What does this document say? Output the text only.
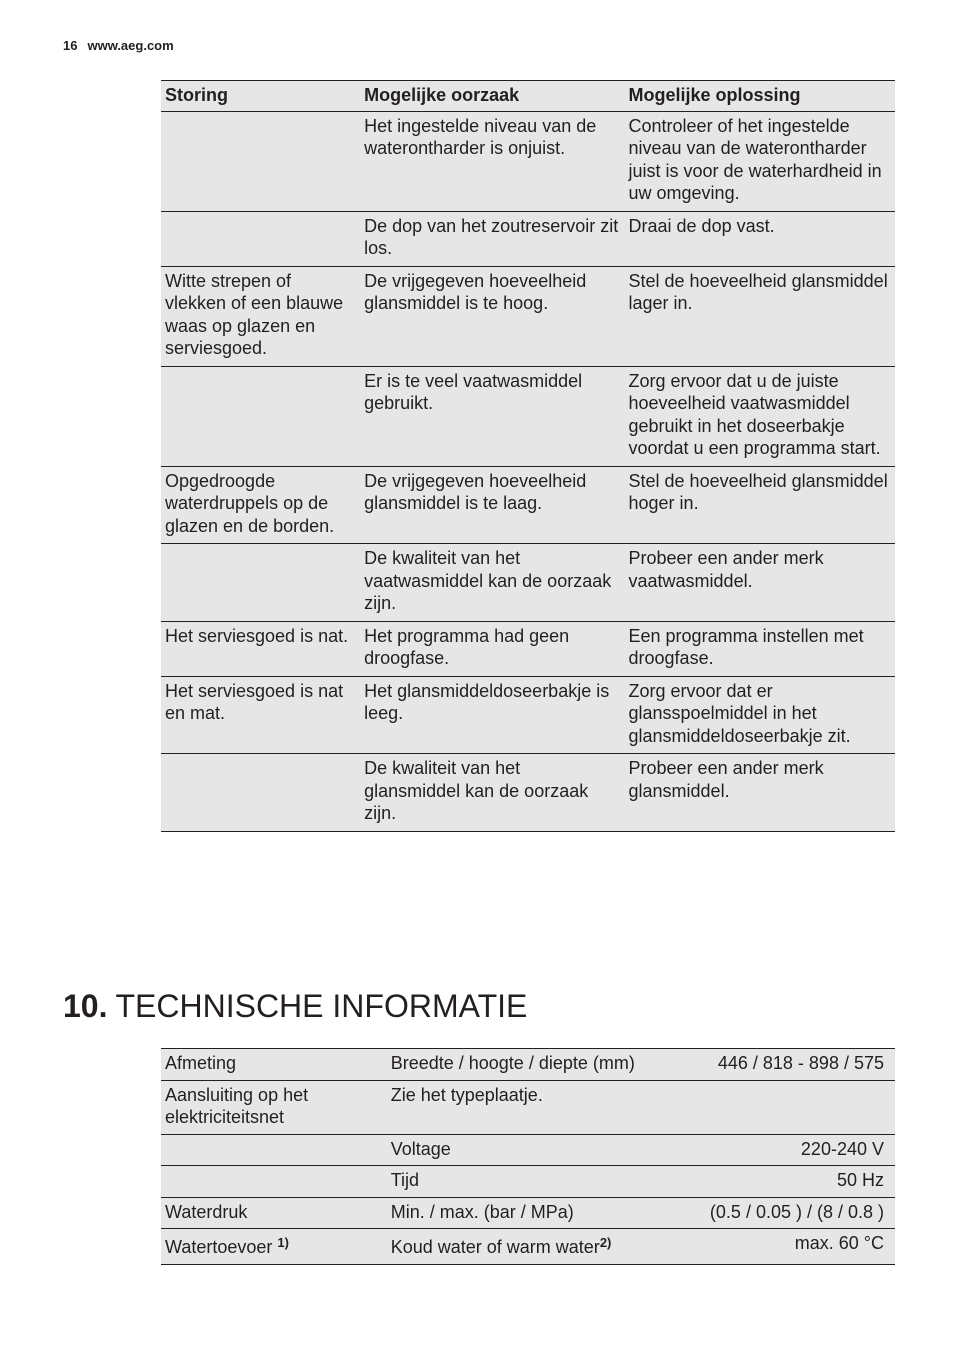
16 www.aeg.com
Storing	Mogelijke oorzaak	Mogelijke oplossing
	Het ingestelde niveau van de waterontharder is onjuist.	Controleer of het ingestelde niveau van de waterontharder juist is voor de waterhardheid in uw omgeving.
	De dop van het zoutreservoir zit los.	Draai de dop vast.
Witte strepen of vlekken of een blauwe waas op glazen en serviesgoed.	De vrijgegeven hoeveelheid glansmiddel is te hoog.	Stel de hoeveelheid glansmiddel lager in.
	Er is te veel vaatwasmiddel gebruikt.	Zorg ervoor dat u de juiste hoeveelheid vaatwasmiddel gebruikt in het doseerbakje voordat u een programma start.
Opgedroogde waterdruppels op de glazen en de borden.	De vrijgegeven hoeveelheid glansmiddel is te laag.	Stel de hoeveelheid glansmiddel hoger in.
	De kwaliteit van het vaatwasmiddel kan de oorzaak zijn.	Probeer een ander merk vaatwasmiddel.
Het serviesgoed is nat.	Het programma had geen droogfase.	Een programma instellen met droogfase.
Het serviesgoed is nat en mat.	Het glansmiddeldoseerbakje is leeg.	Zorg ervoor dat er glansspoelmiddel in het glansmiddeldoseerbakje zit.
	De kwaliteit van het glansmiddel kan de oorzaak zijn.	Probeer een ander merk glansmiddel.
10. TECHNISCHE INFORMATIE
Afmeting	Breedte / hoogte / diepte (mm)	446 / 818 - 898 / 575
Aansluiting op het elektriciteitsnet	Zie het typeplaatje.	
	Voltage	220-240 V
	Tijd	50 Hz
Waterdruk	Min. / max. (bar / MPa)	(0.5 / 0.05 ) / (8 / 0.8 )
Watertoevoer $^{1)}$	Koud water of warm water$^{2)}$	max. 60 °C
